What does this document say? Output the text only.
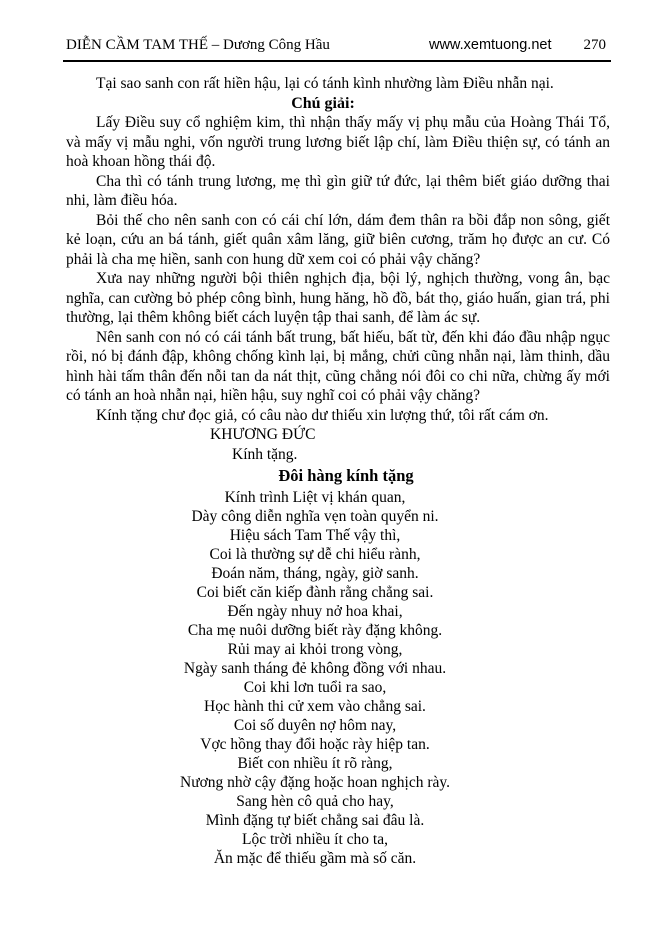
DIỄN CẦM TAM THẾ – Dương Công Hầu	www.xemtuong.net 270
Tại sao sanh con rất hiền hậu, lại có tánh kình nhường làm Điều nhẫn nại.
Chú giải:
Lấy Điều suy cổ nghiệm kim, thì nhận thấy mấy vị phụ mẫu của Hoàng Thái Tổ, và mấy vị mẫu nghi, vốn người trung lương biết lập chí, làm Điều thiện sự, có tánh an hoà khoan hồng thái độ.
Cha thì có tánh trung lương, mẹ thì gìn giữ tứ đức, lại thêm biết giáo dưỡng thai nhi, làm điều hóa.
Bỏi thế cho nên sanh con có cái chí lớn, dám đem thân ra bồi đắp non sông, giết kẻ loạn, cứu an bá tánh, giết quân xâm lăng, giữ biên cương, trăm họ được an cư. Có phải là cha mẹ hiền, sanh con hung dữ xem coi có phải vậy chăng?
Xưa nay những người bội thiên nghịch địa, bội lý, nghịch thường, vong ân, bạc nghĩa, can cường bỏ phép công bình, hung hăng, hồ đồ, bát thọ, giáo huấn, gian trá, phi thường, lại thêm không biết cách luyện tập thai sanh, để làm ác sự.
Nên sanh con nó có cái tánh bất trung, bất hiếu, bất từ, đến khi đáo đầu nhập ngục rồi, nó bị đánh đập, không chống kình lại, bị mắng, chửi cũng nhẫn nại, làm thinh, dầu hình hài tấm thân đến nỗi tan da nát thịt, cũng chẳng nói đôi co chi nữa, chừng ấy mới có tánh an hoà nhẫn nại, hiền hậu, suy nghĩ coi có phải vậy chăng?
Kính tặng chư đọc giả, có câu nào dư thiếu xin lượng thứ, tôi rất cám ơn.
KHƯƠNG ĐỨC
Kính tặng.
Đôi hàng kính tặng
Kính trình Liệt vị khán quan,
Dày công diễn nghĩa vẹn toàn quyển ni.
Hiệu sách Tam Thế vậy thì,
Coi là thường sự dễ chi hiểu rành,
Đoán năm, tháng, ngày, giờ sanh.
Coi biết căn kiếp đành rằng chẳng sai.
Đến ngày nhuy nở hoa khai,
Cha mẹ nuôi dưỡng biết rày đặng không.
Rủi may ai khỏi trong vòng,
Ngày sanh tháng đẻ không đồng với nhau.
Coi khi lơn tuổi ra sao,
Học hành thi cử xem vào chẳng sai.
Coi số duyên nợ hôm nay,
Vợc hồng thay đổi hoặc rày hiệp tan.
Biết con nhiều ít rõ ràng,
Nương nhờ cậy đặng hoặc hoan nghịch rày.
Sang hèn cô quả cho hay,
Mình đặng tự biết chẳng sai đâu là.
Lộc trời nhiều ít cho ta,
Ăn mặc để thiếu gầm mà số căn.
